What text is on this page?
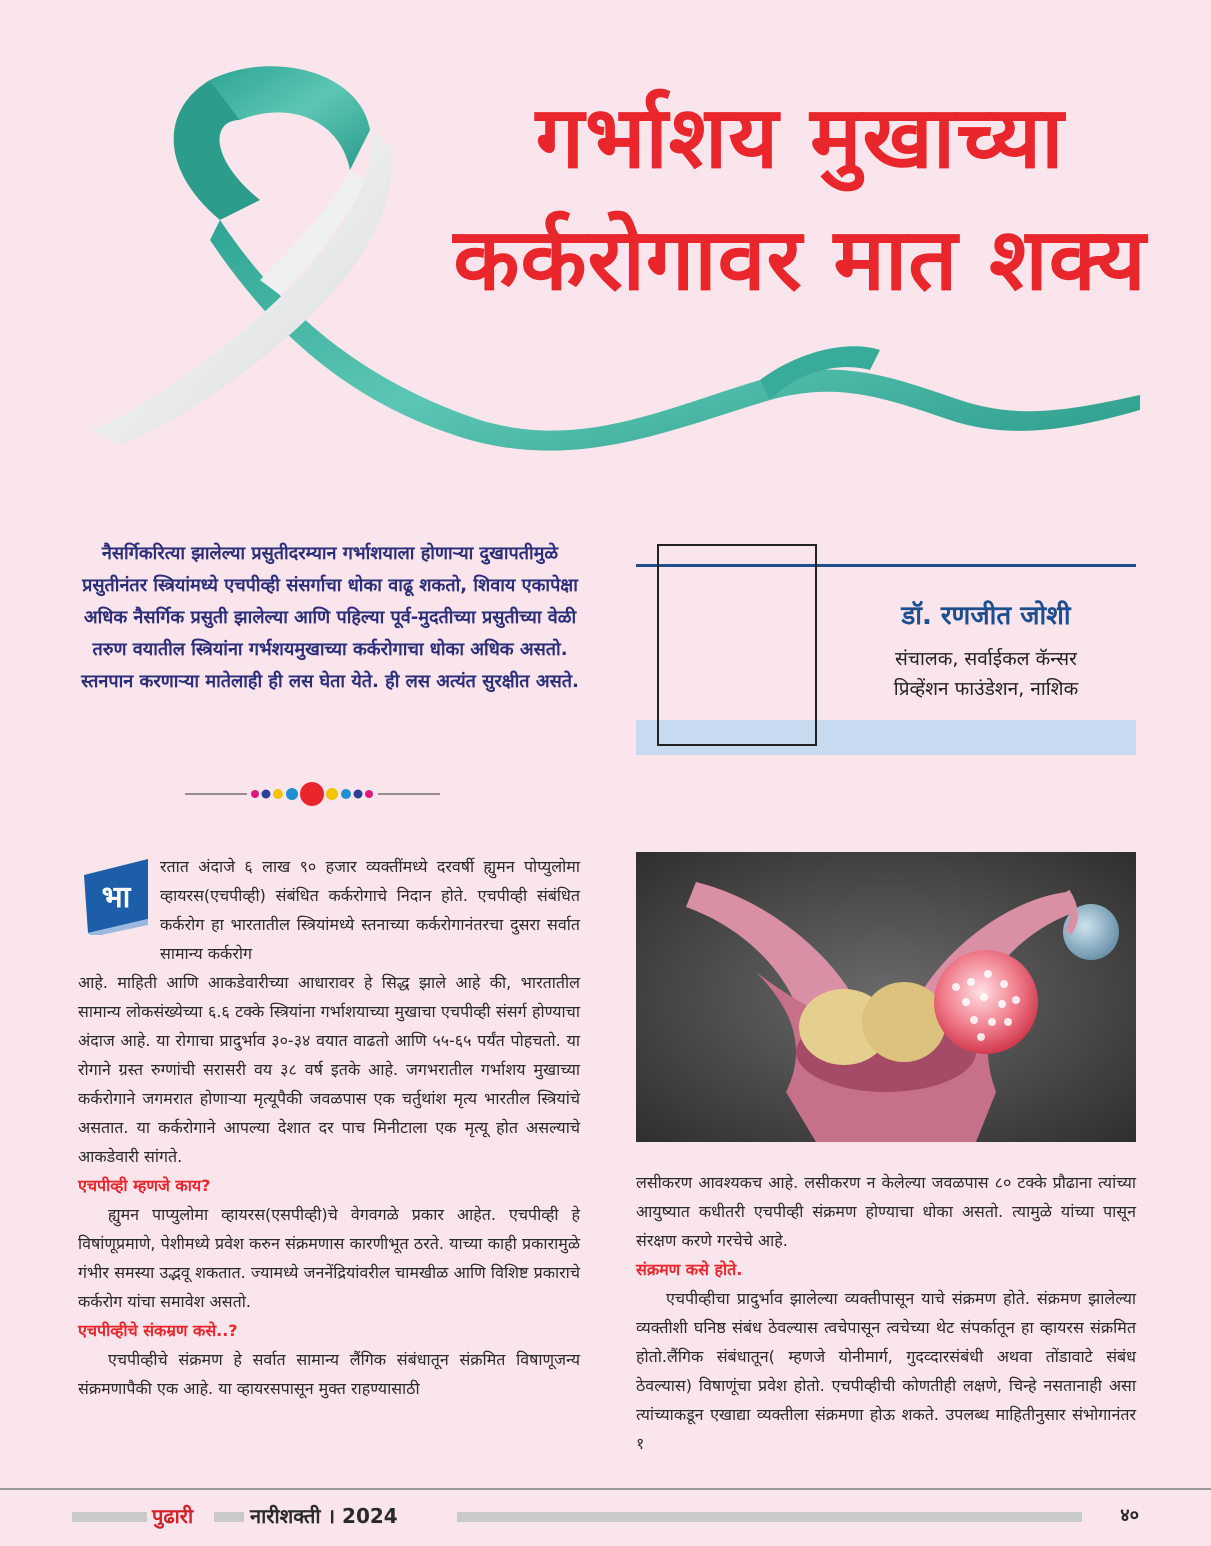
गर्भाशय मुखाच्या
कर्करोगावर मात शक्य
नैसर्गिकरित्या झालेल्या प्रसुतीदरम्यान गर्भाशयाला होणाऱ्या दुखापतीमुळे प्रसुतीनंतर स्त्रियांमध्ये एचपीव्ही संसर्गाचा धोका वाढू शकतो, शिवाय एकापेक्षा अधिक नैसर्गिक प्रसुती झालेल्या आणि पहिल्या पूर्व-मुदतीच्या प्रसुतीच्या वेळी तरुण वयातील स्त्रियांना गर्भशयमुखाच्या कर्करोगाचा धोका अधिक असतो. स्तनपान करणाऱ्या मातेलाही ही लस घेता येते. ही लस अत्यंत सुरक्षीत असते.
डॉ. रणजीत जोशी
संचालक, सर्वाईकल कॅन्सर
प्रिव्हेंशन फाउंडेशन, नाशिक
भा
रतात अंदाजे ६ लाख ९० हजार व्यक्तींमध्ये दरवर्षी ह्युमन पोप्युलोमा व्हायरस(एचपीव्ही) संबंधित कर्करोगाचे निदान होते. एचपीव्ही संबंधित कर्करोग हा भारतातील स्त्रियांमध्ये स्तनाच्या कर्करोगानंतरचा दुसरा सर्वात सामान्य कर्करोग

आहे. माहिती आणि आकडेवारीच्या आधारावर हे सिद्ध झाले आहे की, भारतातील सामान्य लोकसंख्येच्या ६.६ टक्के स्त्रियांना गर्भाशयाच्या मुखाचा एचपीव्ही संसर्ग होण्याचा अंदाज आहे. या रोगाचा प्रादुर्भाव ३०-३४ वयात वाढतो आणि ५५-६५ पर्यंत पोहचतो. या रोगाने ग्रस्त रुग्णांची सरासरी वय ३८ वर्ष इतके आहे. जगभरातील गर्भाशय मुखाच्या कर्करोगाने जगमरात होणाऱ्या मृत्यूपैकी जवळपास एक चर्तुथांश मृत्य भारतील स्त्रियांचे असतात. या कर्करोगाने आपल्या देशात दर पाच मिनीटाला एक मृत्यू होत असल्याचे आकडेवारी सांगते.

एचपीव्ही म्हणजे काय?

ह्युमन पाप्युलोमा व्हायरस(एसपीव्ही)चे वेगवगळे प्रकार आहेत. एचपीव्ही हे विषांणूप्रमाणे, पेशीमध्ये प्रवेश करुन संक्रमणास कारणीभूत ठरते. याच्या काही प्रकारामुळे गंभीर समस्या उद्भवू शकतात. ज्यामध्ये जननेंद्रियांवरील चामखीळ आणि विशिष्ट प्रकाराचे कर्करोग यांचा समावेश असतो.

एचपीव्हीचे संकम्रण कसे..?

एचपीव्हीचे संक्रमण हे सर्वात सामान्य लैंगिक संबंधातून संक्रमित विषाणूजन्य संक्रमणापैकी एक आहे. या व्हायरसपासून मुक्त राहण्यासाठी

लसीकरण आवश्यकच आहे. लसीकरण न केलेल्या जवळपास ८० टक्के प्रौढाना त्यांच्या आयुष्यात कधीतरी एचपीव्ही संक्रमण होण्याचा धोका असतो. त्यामुळे यांच्या पासून संरक्षण करणे गरचेचे आहे.

संक्रमण कसे होते.

एचपीव्हीचा प्रादुर्भाव झालेल्या व्यक्तीपासून याचे संक्रमण होते. संक्रमण झालेल्या व्यक्तीशी घनिष्ठ संबंध ठेवल्यास त्वचेपासून त्वचेच्या थेट संपर्कातून हा व्हायरस संक्रमित होतो.लैंगिक संबंधातून( म्हणजे योनीमार्ग, गुदव्दारसंबंधी अथवा तोंडावाटे संबंध ठेवल्यास) विषाणूंचा प्रवेश होतो. एचपीव्हीची कोणतीही लक्षणे, चिन्हे नसतानाही असा त्यांच्याकडून एखाद्या व्यक्तीला संक्रमणा होऊ शकते. उपलब्ध माहितीनुसार संभोगानंतर १

पुढारी	नारीशक्ती । 2024	४०
